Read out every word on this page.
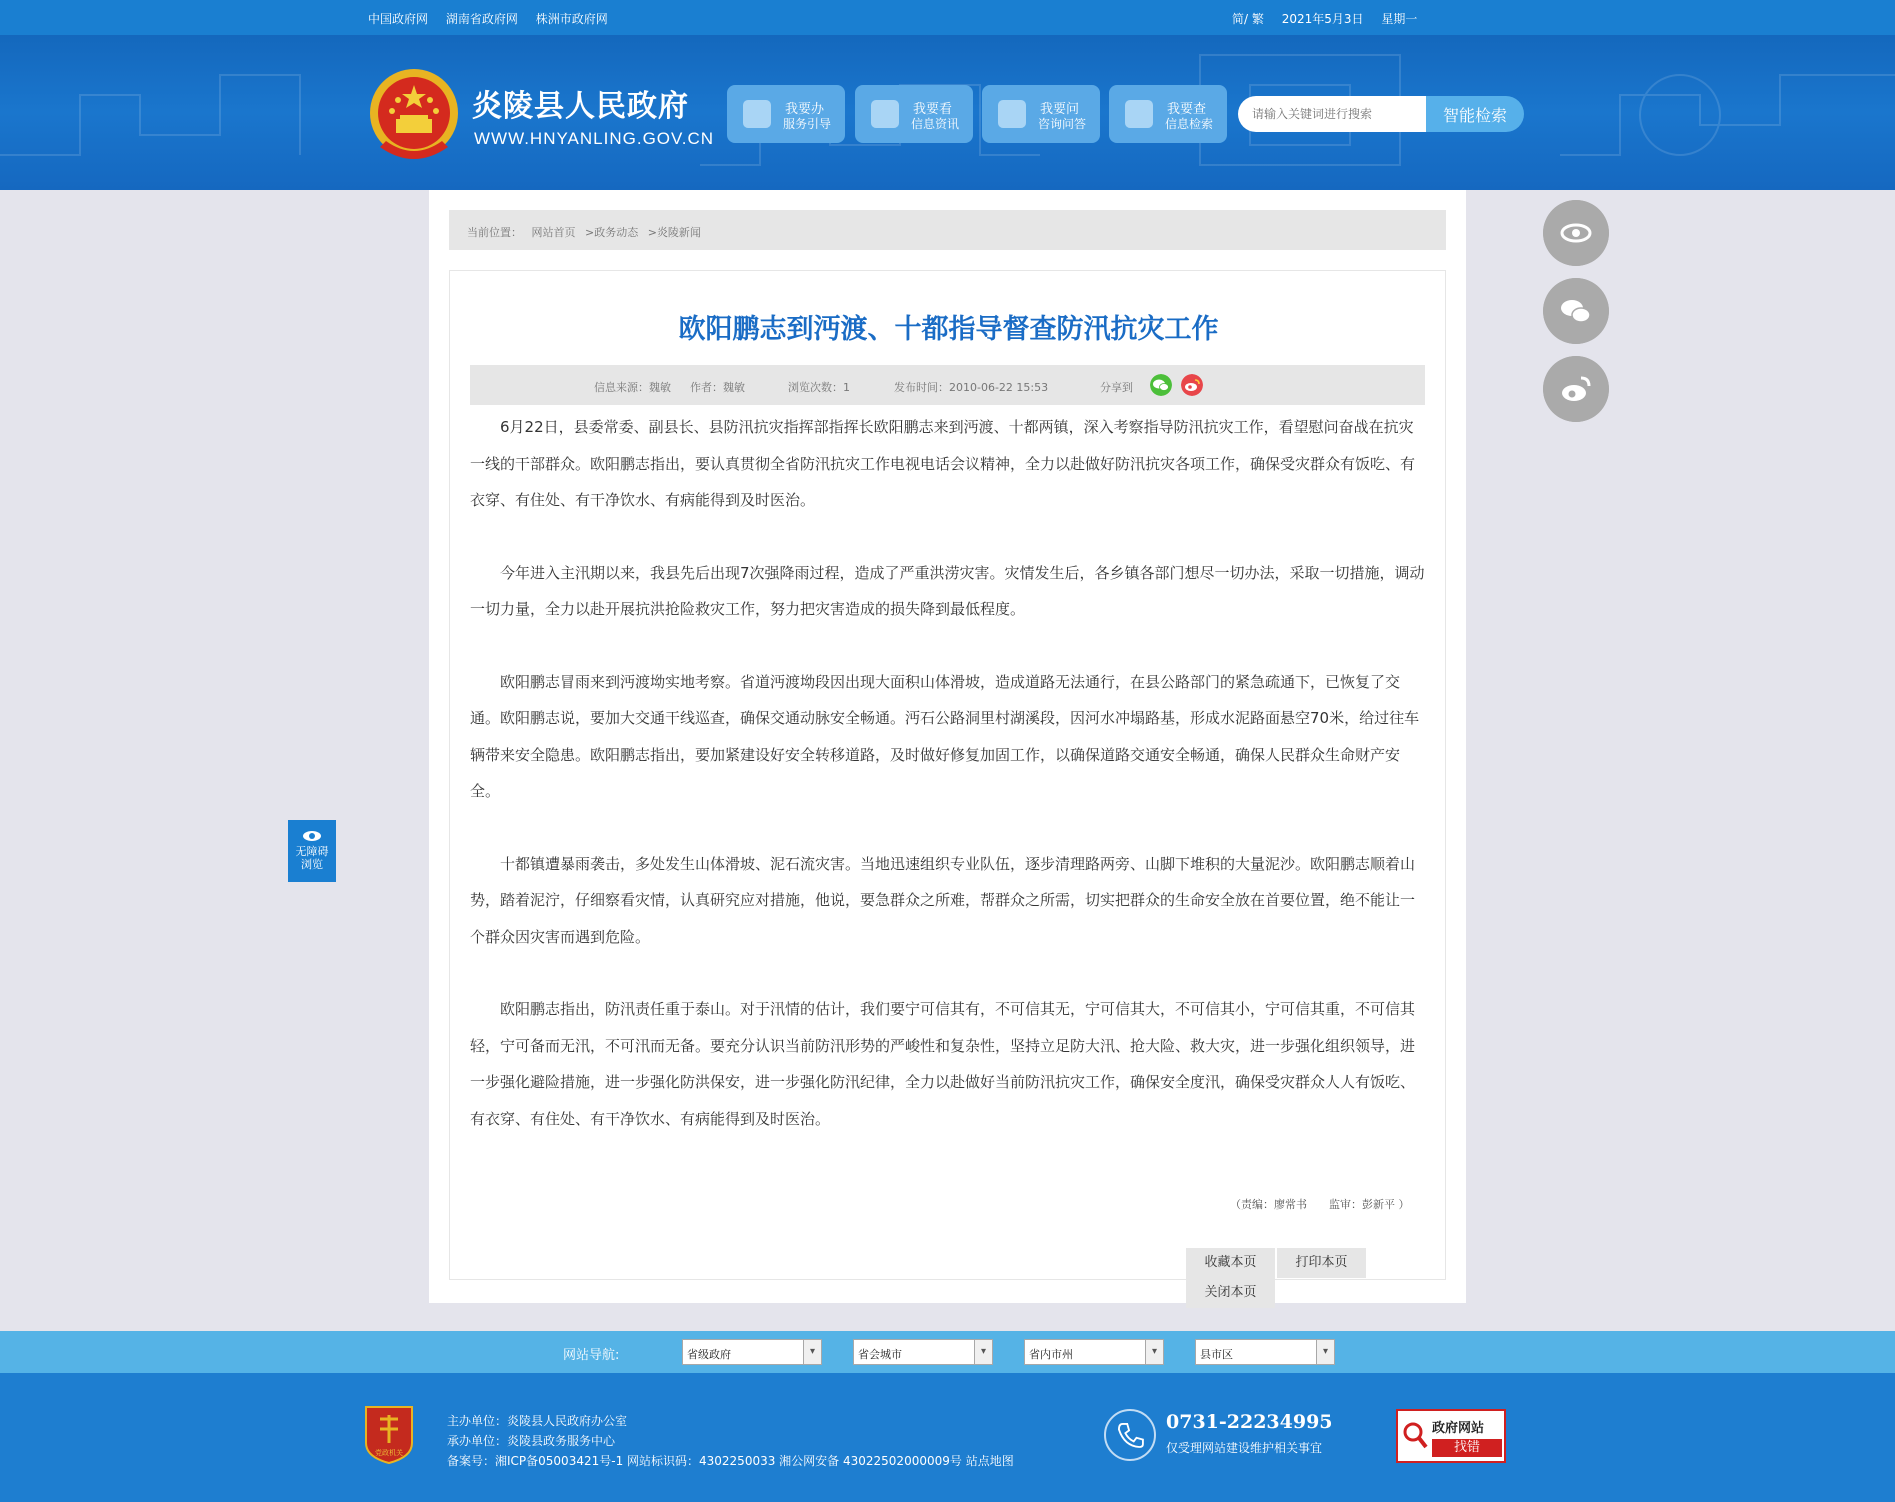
中国政府网 湖南省政府网 株洲市政府网	简/ 繁 2021年5月3日 星期一
炎陵县人民政府
WWW.HNYANLING.GOV.CN
我要办
服务引导
我要看
信息资讯
我要问
咨询问答
我要查
信息检索
请输入关键词进行搜索	智能检索
当前位置： 网站首页 >政务动态 >炎陵新闻
欧阳鹏志到沔渡、十都指导督查防汛抗灾工作
信息来源：魏敏 作者：魏敏	浏览次数：1	发布时间：2010-06-22 15:53	分享到

6月22日，县委常委、副县长、县防汛抗灾指挥部指挥长欧阳鹏志来到沔渡、十都两镇，深入考察指导防汛抗灾工作，看望慰问奋战在抗灾一线的干部群众。欧阳鹏志指出，要认真贯彻全省防汛抗灾工作电视电话会议精神，全力以赴做好防汛抗灾各项工作，确保受灾群众有饭吃、有衣穿、有住处、有干净饮水、有病能得到及时医治。

今年进入主汛期以来，我县先后出现7次强降雨过程，造成了严重洪涝灾害。灾情发生后，各乡镇各部门想尽一切办法，采取一切措施，调动一切力量，全力以赴开展抗洪抢险救灾工作，努力把灾害造成的损失降到最低程度。

欧阳鹏志冒雨来到沔渡坳实地考察。省道沔渡坳段因出现大面积山体滑坡，造成道路无法通行，在县公路部门的紧急疏通下，已恢复了交通。欧阳鹏志说，要加大交通干线巡查，确保交通动脉安全畅通。沔石公路洞里村湖溪段，因河水冲塌路基，形成水泥路面悬空70米，给过往车辆带来安全隐患。欧阳鹏志指出，要加紧建设好安全转移道路，及时做好修复加固工作，以确保道路交通安全畅通，确保人民群众生命财产安全。

十都镇遭暴雨袭击，多处发生山体滑坡、泥石流灾害。当地迅速组织专业队伍，逐步清理路两旁、山脚下堆积的大量泥沙。欧阳鹏志顺着山势，踏着泥泞，仔细察看灾情，认真研究应对措施，他说，要急群众之所难，帮群众之所需，切实把群众的生命安全放在首要位置，绝不能让一个群众因灾害而遇到危险。

欧阳鹏志指出，防汛责任重于泰山。对于汛情的估计，我们要宁可信其有，不可信其无，宁可信其大，不可信其小，宁可信其重，不可信其轻，宁可备而无汛，不可汛而无备。要充分认识当前防汛形势的严峻性和复杂性，坚持立足防大汛、抢大险、救大灾，进一步强化组织领导，进一步强化避险措施，进一步强化防洪保安，进一步强化防汛纪律，全力以赴做好当前防汛抗灾工作，确保安全度汛，确保受灾群众人人有饭吃、有衣穿、有住处、有干净饮水、有病能得到及时医治。

（责编：廖常书　　监审：彭新平 ）
收藏本页	打印本页
关闭本页
无障碍
浏览
网站导航:	省级政府	▾	省会城市	▾	省内市州	▾	县市区	▾
党政机关
主办单位：炎陵县人民政府办公室
承办单位：炎陵县政务服务中心
备案号：湘ICP备05003421号-1 网站标识码：4302250033 湘公网安备 43022502000009号 站点地图
0731-22234995
仅受理网站建设维护相关事宜
政府网站
找错
